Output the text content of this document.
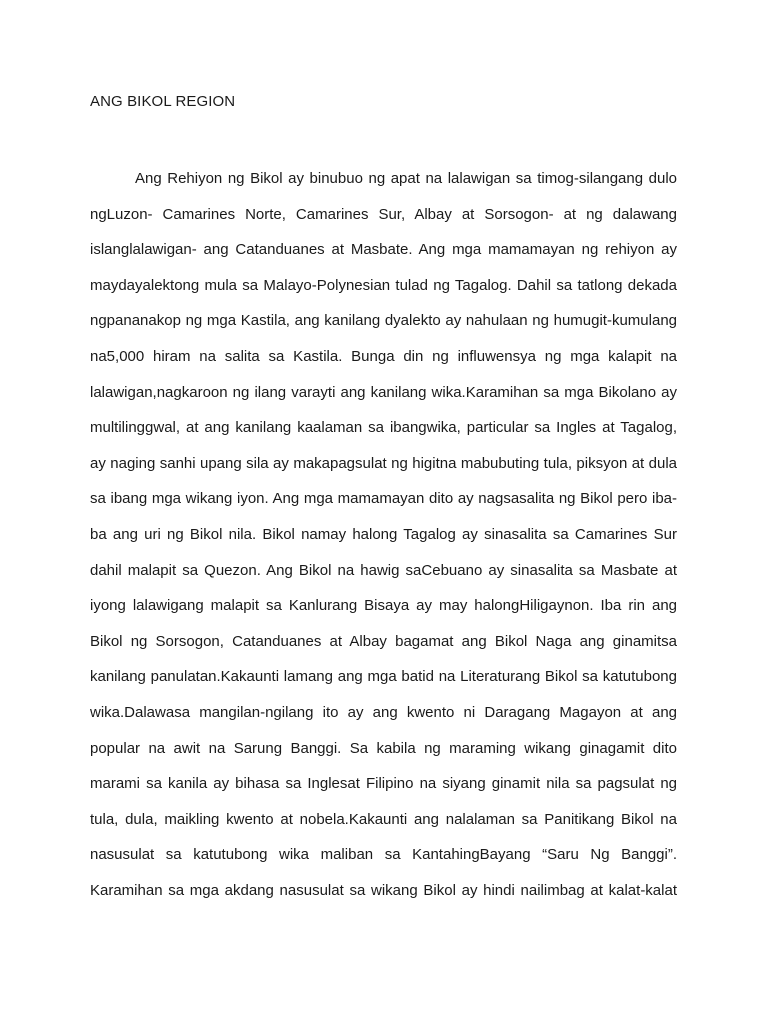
ANG BIKOL REGION
Ang Rehiyon ng Bikol ay binubuo ng apat na lalawigan sa timog-silangang dulo
ngLuzon- Camarines Norte, Camarines Sur, Albay at Sorsogon- at ng dalawang
islanglalawigan- ang Catanduanes at Masbate. Ang mga mamamayan ng rehiyon ay
maydayalektong mula sa Malayo-Polynesian tulad ng Tagalog. Dahil sa tatlong dekada
ngpananakop ng mga Kastila, ang kanilang dyalekto ay nahulaan ng humugit-kumulang
na5,000 hiram na salita sa Kastila. Bunga din ng influwensya ng mga kalapit na
lalawigan,nagkaroon ng ilang varayti ang kanilang wika.Karamihan sa mga Bikolano ay
multilinggwal, at ang kanilang kaalaman sa ibangwika, particular sa Ingles at Tagalog,
ay naging sanhi upang sila ay makapagsulat ng higitna mabubuting tula, piksyon at dula
sa ibang mga wikang iyon. Ang mga mamamayan dito ay nagsasalita ng Bikol pero iba-
ba ang uri ng Bikol nila. Bikol namay halong Tagalog ay sinasalita sa Camarines Sur
dahil malapit sa Quezon. Ang Bikol na hawig saCebuano ay sinasalita sa Masbate at
iyong lalawigang malapit sa Kanlurang Bisaya ay may halongHiligaynon. Iba rin ang
Bikol ng Sorsogon, Catanduanes at Albay bagamat ang Bikol Naga ang ginamitsa
kanilang panulatan.Kakaunti lamang ang mga batid na Literaturang Bikol sa katutubong
wika.Dalawasa mangilan-ngilang ito ay ang kwento ni Daragang Magayon at ang
popular na awit na Sarung Banggi. Sa kabila ng maraming wikang ginagamit dito
marami sa kanila ay bihasa sa Inglesat Filipino na siyang ginamit nila sa pagsulat ng
tula, dula, maikling kwento at nobela.Kakaunti ang nalalaman sa Panitikang Bikol na
nasusulat sa katutubong wika maliban sa KantahingBayang “Saru Ng Banggi”.
Karamihan sa mga akdang nasusulat sa wikang Bikol ay hindi nailimbag at kalat-kalat
